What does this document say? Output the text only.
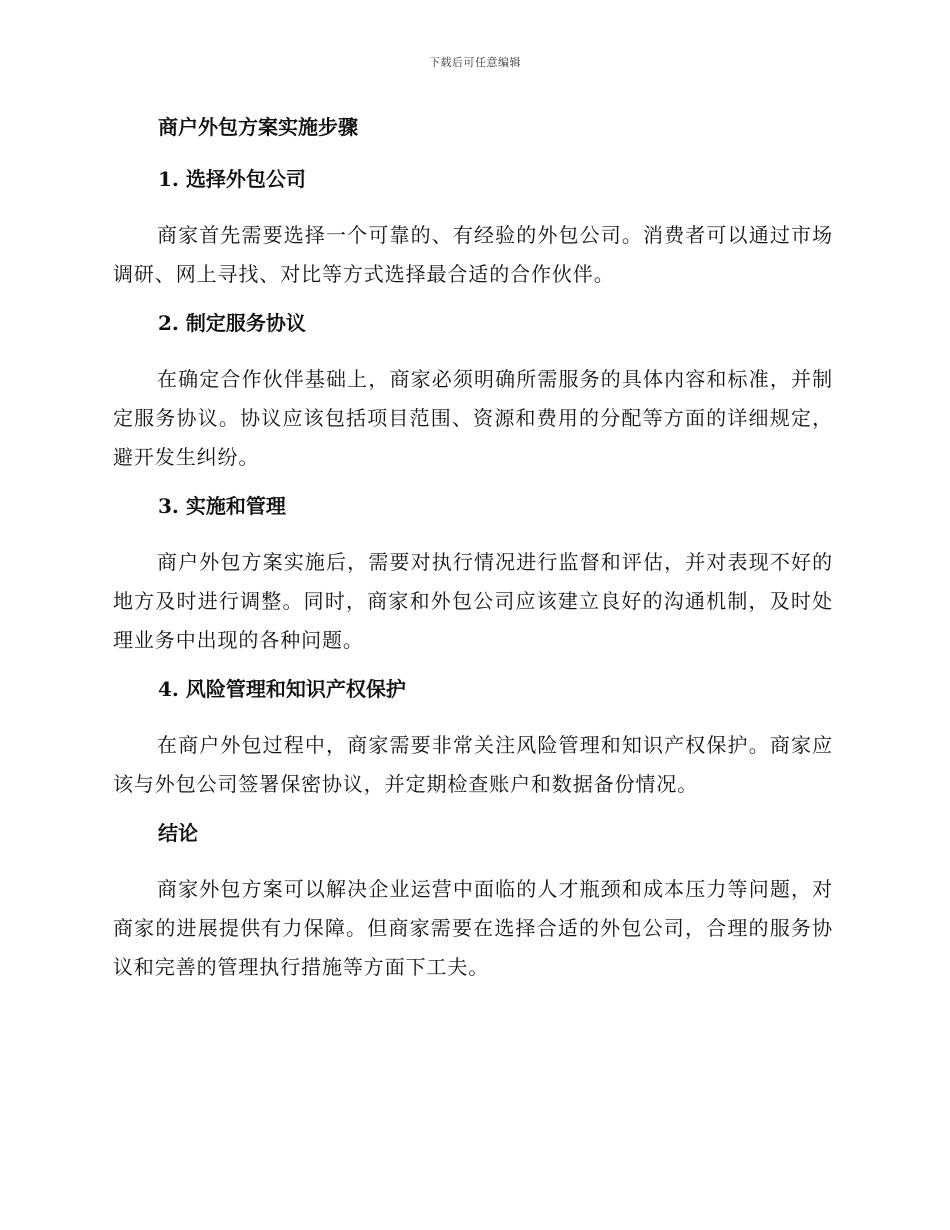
下载后可任意编辑
商户外包方案实施步骤
1. 选择外包公司

商家首先需要选择一个可靠的、有经验的外包公司。消费者可以通过市场调研、网上寻找、对比等方式选择最合适的合作伙伴。

2. 制定服务协议

在确定合作伙伴基础上，商家必须明确所需服务的具体内容和标准，并制定服务协议。协议应该包括项目范围、资源和费用的分配等方面的详细规定，避开发生纠纷。

3. 实施和管理

商户外包方案实施后，需要对执行情况进行监督和评估，并对表现不好的地方及时进行调整。同时，商家和外包公司应该建立良好的沟通机制，及时处理业务中出现的各种问题。

4. 风险管理和知识产权保护

在商户外包过程中，商家需要非常关注风险管理和知识产权保护。商家应该与外包公司签署保密协议，并定期检查账户和数据备份情况。

结论

商家外包方案可以解决企业运营中面临的人才瓶颈和成本压力等问题，对商家的进展提供有力保障。但商家需要在选择合适的外包公司，合理的服务协议和完善的管理执行措施等方面下工夫。
